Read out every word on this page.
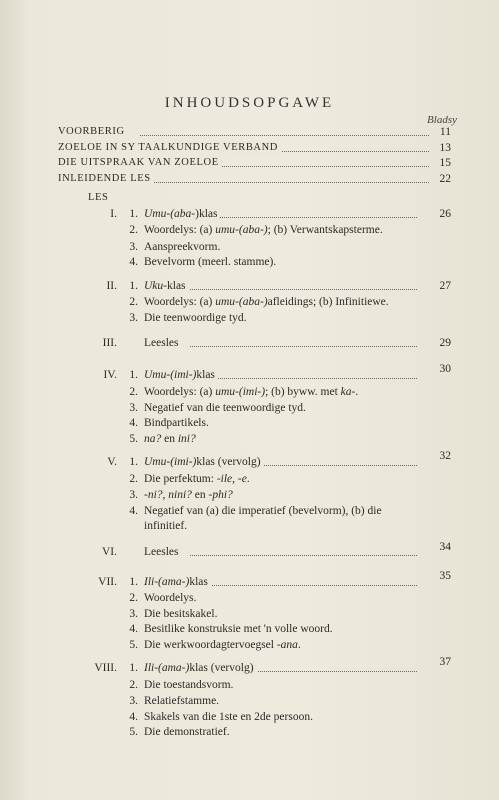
INHOUDSOPGAWE
Bladsy
VOORBERIG	11
ZOELOE IN SY TAALKUNDIGE VERBAND	13
DIE UITSPRAAK VAN ZOELOE	15
INLEIDENDE LES	22
LES
I. 1. Umu-(aba-)klas	26
2. Woordelys: (a) umu-(aba-); (b) Verwantskapsterme.
3. Aanspreekvorm.
4. Bevelvorm (meerl. stamme).
II. 1. Uku-klas	27
2. Woordelys: (a) umu-(aba-)afleidings; (b) Infinitiewe.
3. Die teenwoordige tyd.
III. Leesles	29
IV. 1. Umu-(imi-)klas	30
2. Woordelys: (a) umu-(imi-); (b) byww. met ka-.
3. Negatief van die teenwoordige tyd.
4. Bindpartikels.
5. na? en ini?
V. 1. Umu-(imi-)klas (vervolg)	32
2. Die perfektum: -ile, -e.
3. -ni?, nini? en -phi?
4. Negatief van (a) die imperatief (bevelvorm), (b) die
infinitief.
VI. Leesles	34
VII. 1. Ili-(ama-)klas	35
2. Woordelys.
3. Die besitskakel.
4. Besitlike konstruksie met 'n volle woord.
5. Die werkwoordagtervoegsel -ana.
VIII. 1. Ili-(ama-)klas (vervolg)	37
2. Die toestandsvorm.
3. Relatiefstamme.
4. Skakels van die 1ste en 2de persoon.
5. Die demonstratief.
